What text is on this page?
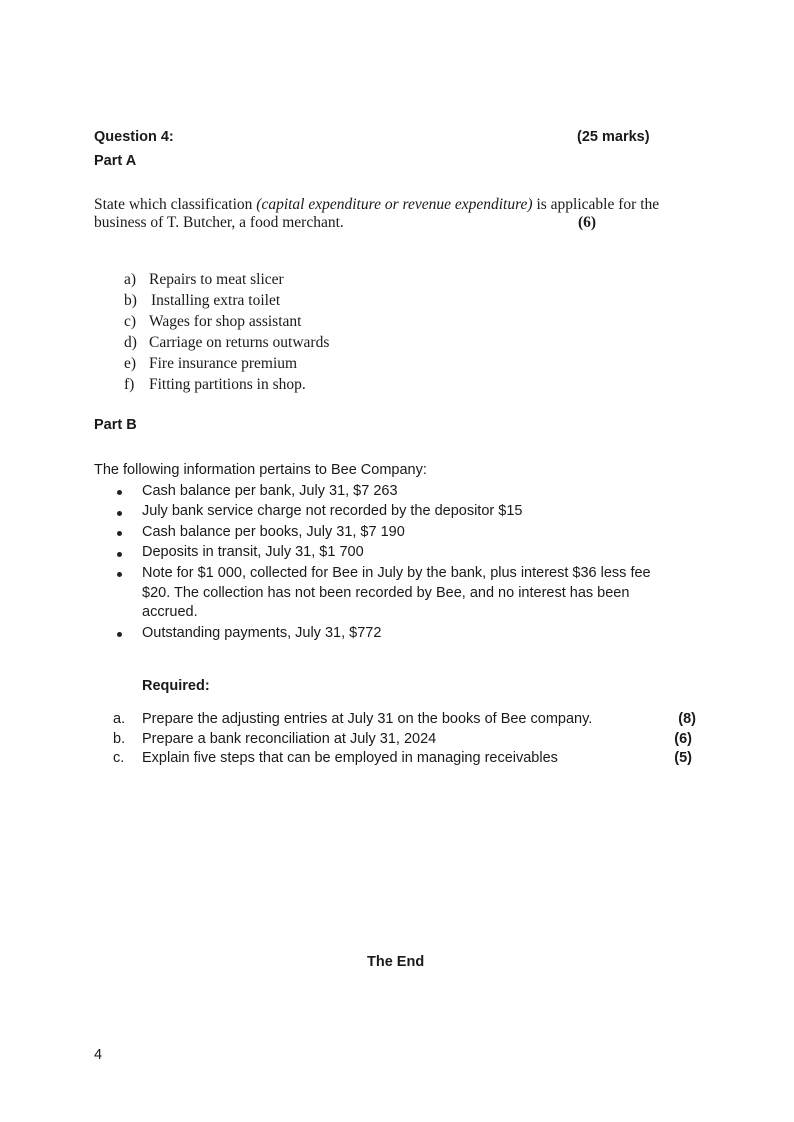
Question 4:	(25 marks)
Part A
State which classification (capital expenditure or revenue expenditure) is applicable for the
business of T. Butcher, a food merchant.	(6)
a) Repairs to meat slicer
b) Installing extra toilet
c) Wages for shop assistant
d) Carriage on returns outwards
e) Fire insurance premium
f) Fitting partitions in shop.
Part B
The following information pertains to Bee Company:
Cash balance per bank, July 31, $7 263
July bank service charge not recorded by the depositor $15
Cash balance per books, July 31, $7 190
Deposits in transit, July 31, $1 700
Note for $1 000, collected for Bee in July by the bank, plus interest $36 less fee
$20. The collection has not been recorded by Bee, and no interest has been
accrued.
Outstanding payments, July 31, $772
Required:
a. Prepare the adjusting entries at July 31 on the books of Bee company.	(8)
b. Prepare a bank reconciliation at July 31, 2024	(6)
c. Explain five steps that can be employed in managing receivables	(5)
The End
4
